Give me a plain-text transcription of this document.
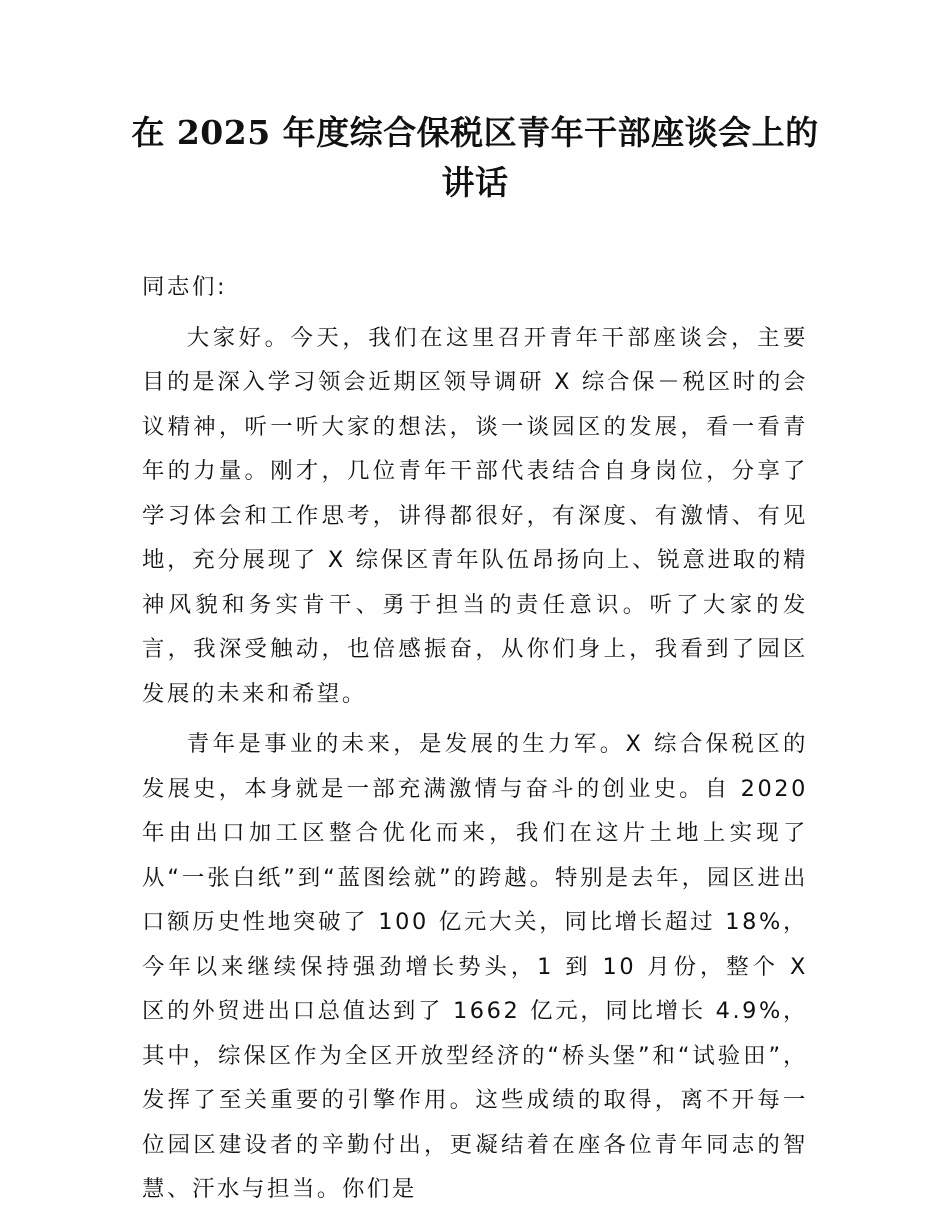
在 2025 年度综合保税区青年干部座谈会上的
讲话

同志们:

大家好。今天，我们在这里召开青年干部座谈会，主要目的是深入学习领会近期区领导调研 X 综合保－税区时的会议精神，听一听大家的想法，谈一谈园区的发展，看一看青年的力量。刚才，几位青年干部代表结合自身岗位，分享了学习体会和工作思考，讲得都很好，有深度、有激情、有见地，充分展现了 X 综保区青年队伍昂扬向上、锐意进取的精神风貌和务实肯干、勇于担当的责任意识。听了大家的发言，我深受触动，也倍感振奋，从你们身上，我看到了园区发展的未来和希望。

青年是事业的未来，是发展的生力军。X 综合保税区的发展史，本身就是一部充满激情与奋斗的创业史。自 2020 年由出口加工区整合优化而来，我们在这片土地上实现了从“一张白纸”到“蓝图绘就”的跨越。特别是去年，园区进出口额历史性地突破了 100 亿元大关，同比增长超过 18%，今年以来继续保持强劲增长势头，1 到 10 月份，整个 X 区的外贸进出口总值达到了 1662 亿元，同比增长 4.9%，其中，综保区作为全区开放型经济的“桥头堡”和“试验田”，发挥了至关重要的引擎作用。这些成绩的取得，离不开每一位园区建设者的辛勤付出，更凝结着在座各位青年同志的智慧、汗水与担当。你们是
